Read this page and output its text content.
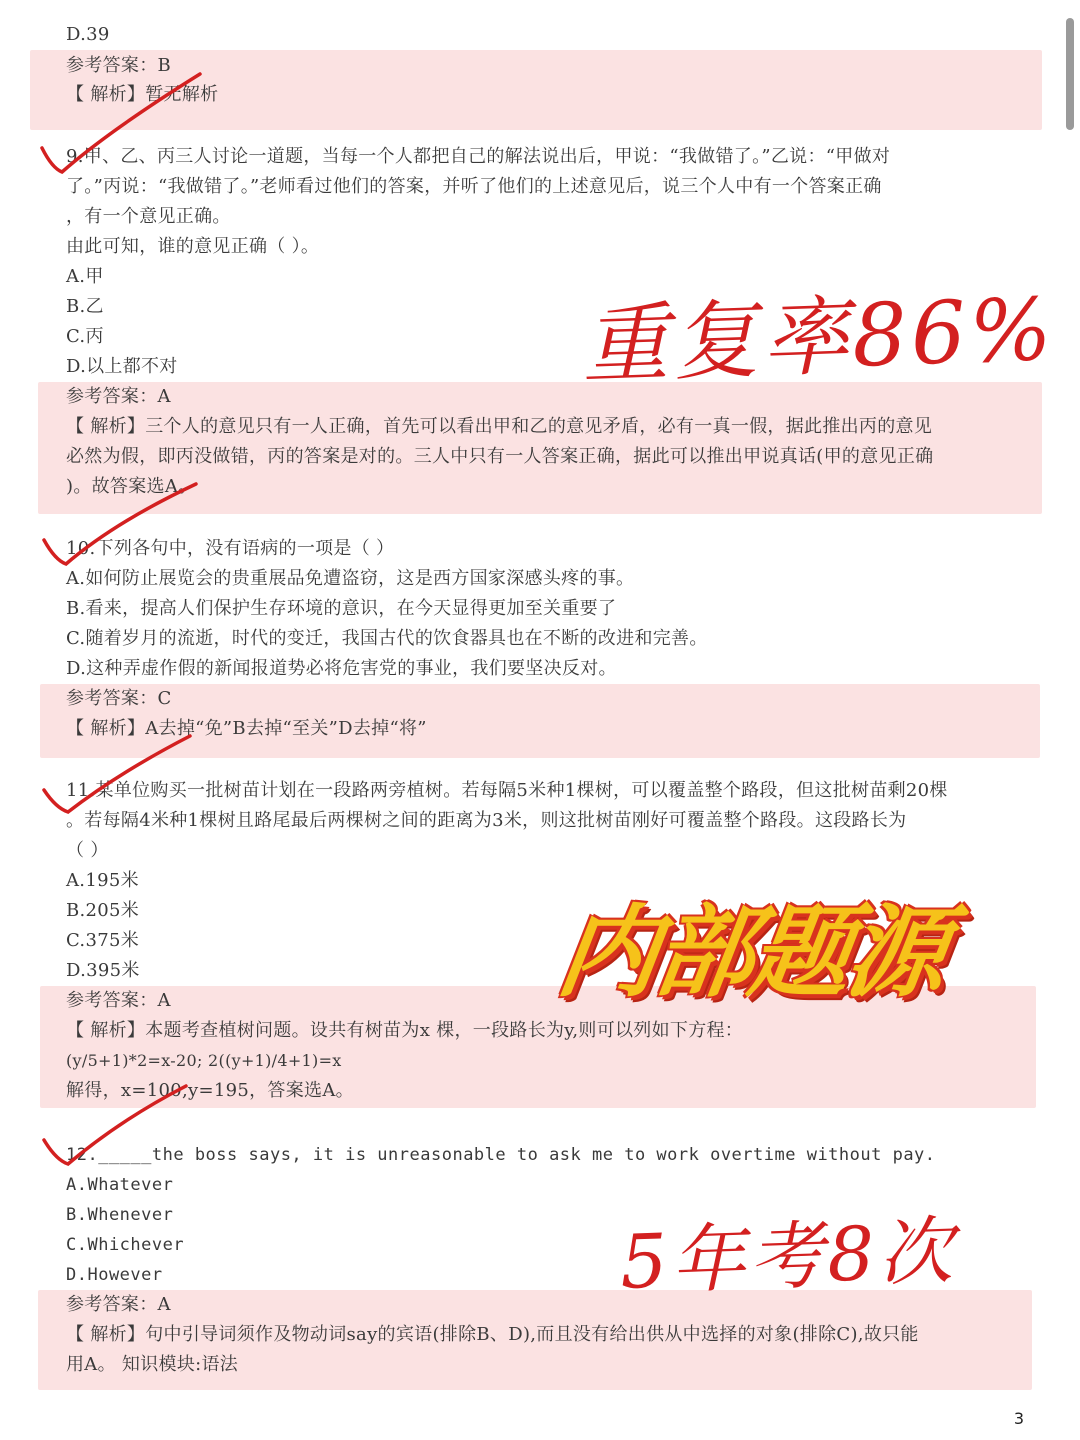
D.39
参考答案：B
【 解析】暂无解析
9.甲、乙、丙三人讨论一道题，当每一个人都把自己的解法说出后，甲说：“我做错了。”乙说：“甲做对
了。”丙说：“我做错了。”老师看过他们的答案，并听了他们的上述意见后，说三个人中有一个答案正确
，有一个意见正确。
由此可知，谁的意见正确（ ）。
A.甲
B.乙
C.丙
D.以上都不对
参考答案：A
【 解析】三个人的意见只有一人正确，首先可以看出甲和乙的意见矛盾，必有一真一假，据此推出丙的意见
必然为假，即丙没做错，丙的答案是对的。三人中只有一人答案正确，据此可以推出甲说真话(甲的意见正确
)。故答案选A。
10.下列各句中，没有语病的一项是（ ）
A.如何防止展览会的贵重展品免遭盗窃，这是西方国家深感头疼的事。
B.看来，提高人们保护生存环境的意识，在今天显得更加至关重要了
C.随着岁月的流逝，时代的变迁，我国古代的饮食器具也在不断的改进和完善。
D.这种弄虚作假的新闻报道势必将危害党的事业，我们要坚决反对。
参考答案：C
【 解析】A去掉“免”B去掉“至关”D去掉“将”
11.某单位购买一批树苗计划在一段路两旁植树。若每隔5米种1棵树，可以覆盖整个路段，但这批树苗剩20棵
。若每隔4米种1棵树且路尾最后两棵树之间的距离为3米，则这批树苗刚好可覆盖整个路段。这段路长为
（ ）
A.195米
B.205米
C.375米
D.395米
参考答案：A
【 解析】本题考查植树问题。设共有树苗为x 棵，一段路长为y,则可以列如下方程：
(y/5+1)*2=x-20; 2((y+1)/4+1)=x
解得，x=100,y=195，答案选A。
12._____the boss says, it is unreasonable to ask me to work overtime without pay.
A.Whatever
B.Whenever
C.Whichever
D.However
参考答案：A
【 解析】句中引导词须作及物动词say的宾语(排除B、D),而且没有给出供从中选择的对象(排除C),故只能
用A。 知识模块:语法
重复率86%
内部题源
5年考8次
3
